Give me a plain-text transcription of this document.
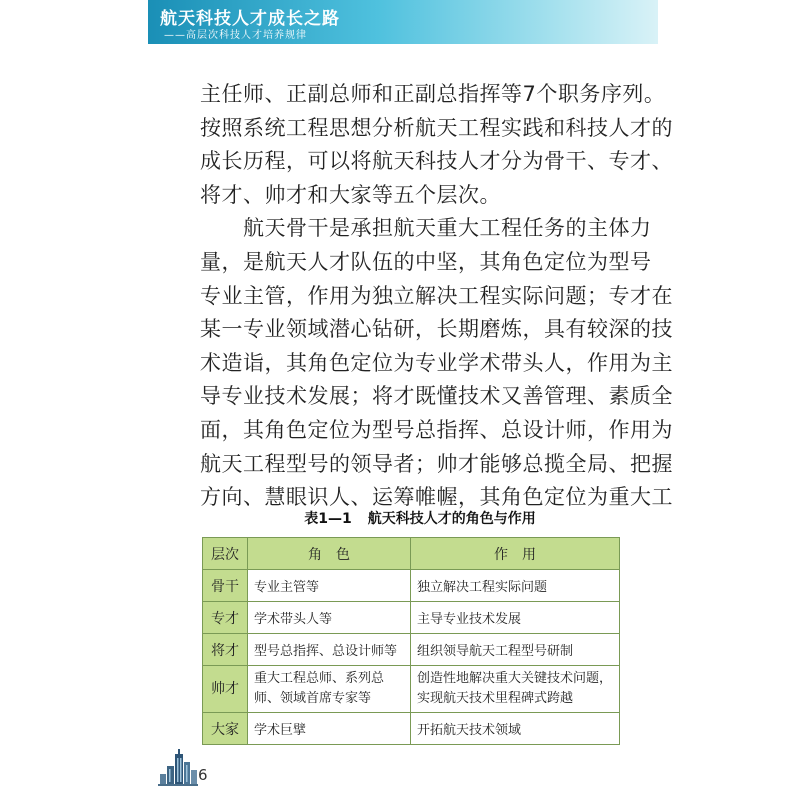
航天科技人才成长之路
——高层次科技人才培养规律
主任师、正副总师和正副总指挥等7个职务序列。
按照系统工程思想分析航天工程实践和科技人才的
成长历程，可以将航天科技人才分为骨干、专才、
将才、帅才和大家等五个层次。
　　航天骨干是承担航天重大工程任务的主体力
量，是航天人才队伍的中坚，其角色定位为型号
专业主管，作用为独立解决工程实际问题；专才在
某一专业领域潜心钻研，长期磨炼，具有较深的技
术造诣，其角色定位为专业学术带头人，作用为主
导专业技术发展；将才既懂技术又善管理、素质全
面，其角色定位为型号总指挥、总设计师，作用为
航天工程型号的领导者；帅才能够总揽全局、把握
方向、慧眼识人、运筹帷幄，其角色定位为重大工
表1—1 航天科技人才的角色与作用
层次	角　色	作　用
骨干	专业主管等	独立解决工程实际问题
专才	学术带头人等	主导专业技术发展
将才	型号总指挥、总设计师等	组织领导航天工程型号研制
帅才	重大工程总师、系列总师、领域首席专家等	创造性地解决重大关键技术问题，实现航天技术里程碑式跨越
大家	学术巨擘	开拓航天技术领域
6
